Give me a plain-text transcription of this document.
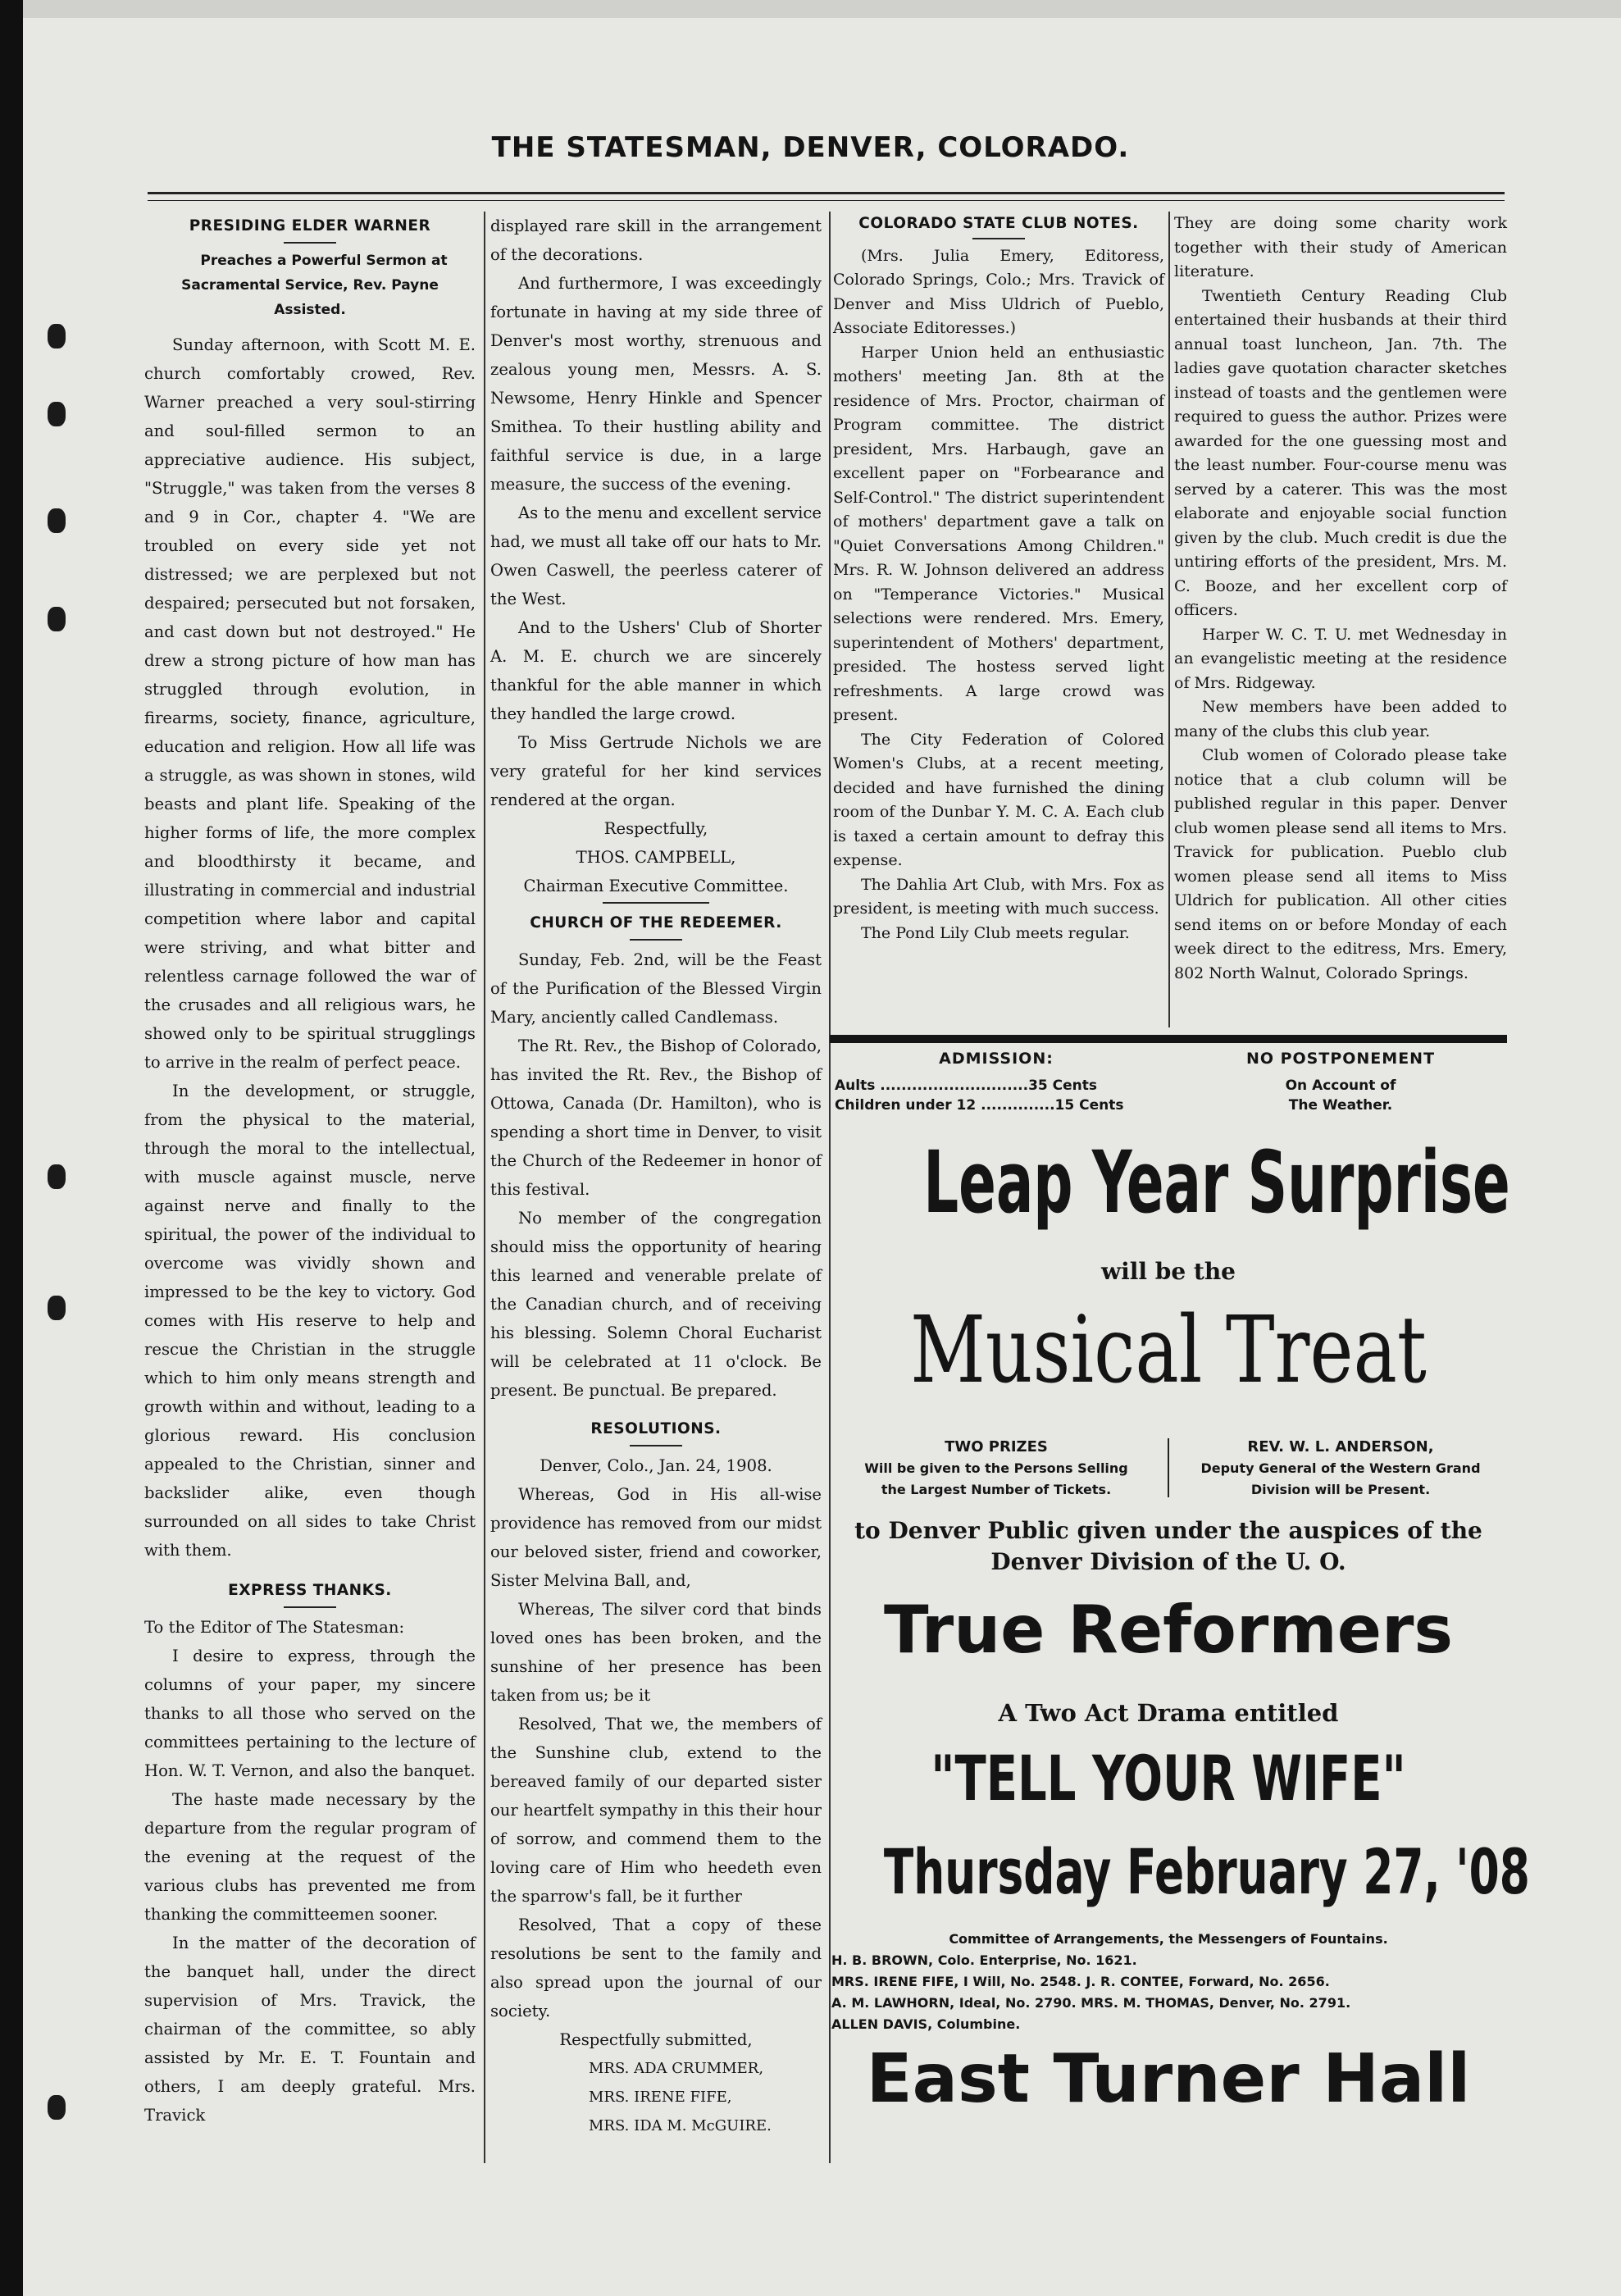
THE STATESMAN, DENVER, COLORADO.

PRESIDING ELDER WARNER

Preaches a Powerful Sermon at Sacramental Service, Rev. Payne Assisted.

Sunday afternoon, with Scott M. E. church comfortably crowed, Rev. Warner preached a very soul-stirring and soul-filled sermon to an appreciative audience. His subject, "Struggle," was taken from the verses 8 and 9 in Cor., chapter 4. "We are troubled on every side yet not distressed; we are perplexed but not despaired; persecuted but not forsaken, and cast down but not destroyed." He drew a strong picture of how man has struggled through evolution, in firearms, society, finance, agriculture, education and religion. How all life was a struggle, as was shown in stones, wild beasts and plant life. Speaking of the higher forms of life, the more complex and bloodthirsty it became, and illustrating in commercial and industrial competition where labor and capital were striving, and what bitter and relentless carnage followed the war of the crusades and all religious wars, he showed only to be spiritual strugglings to arrive in the realm of perfect peace.

In the development, or struggle, from the physical to the material, through the moral to the intellectual, with muscle against muscle, nerve against nerve and finally to the spiritual, the power of the individual to overcome was vividly shown and impressed to be the key to victory. God comes with His reserve to help and rescue the Christian in the struggle which to him only means strength and growth within and without, leading to a glorious reward. His conclusion appealed to the Christian, sinner and backslider alike, even though surrounded on all sides to take Christ with them.

EXPRESS THANKS.

To the Editor of The Statesman:

I desire to express, through the columns of your paper, my sincere thanks to all those who served on the committees pertaining to the lecture of Hon. W. T. Vernon, and also the banquet.

The haste made necessary by the departure from the regular program of the evening at the request of the various clubs has prevented me from thanking the committeemen sooner.

In the matter of the decoration of the banquet hall, under the direct supervision of Mrs. Travick, the chairman of the committee, so ably assisted by Mr. E. T. Fountain and others, I am deeply grateful. Mrs. Travick

displayed rare skill in the arrangement of the decorations.

And furthermore, I was exceedingly fortunate in having at my side three of Denver's most worthy, strenuous and zealous young men, Messrs. A. S. Newsome, Henry Hinkle and Spencer Smithea. To their hustling ability and faithful service is due, in a large measure, the success of the evening.

As to the menu and excellent service had, we must all take off our hats to Mr. Owen Caswell, the peerless caterer of the West.

And to the Ushers' Club of Shorter A. M. E. church we are sincerely thankful for the able manner in which they handled the large crowd.

To Miss Gertrude Nichols we are very grateful for her kind services rendered at the organ.

Respectfully,

THOS. CAMPBELL,

Chairman Executive Committee.

CHURCH OF THE REDEEMER.

Sunday, Feb. 2nd, will be the Feast of the Purification of the Blessed Virgin Mary, anciently called Candlemass.

The Rt. Rev., the Bishop of Colorado, has invited the Rt. Rev., the Bishop of Ottowa, Canada (Dr. Hamilton), who is spending a short time in Denver, to visit the Church of the Redeemer in honor of this festival.

No member of the congregation should miss the opportunity of hearing this learned and venerable prelate of the Canadian church, and of receiving his blessing. Solemn Choral Eucharist will be celebrated at 11 o'clock. Be present. Be punctual. Be prepared.

RESOLUTIONS.

Denver, Colo., Jan. 24, 1908.

Whereas, God in His all-wise providence has removed from our midst our beloved sister, friend and coworker, Sister Melvina Ball, and,

Whereas, The silver cord that binds loved ones has been broken, and the sunshine of her presence has been taken from us; be it

Resolved, That we, the members of the Sunshine club, extend to the bereaved family of our departed sister our heartfelt sympathy in this their hour of sorrow, and commend them to the loving care of Him who heedeth even the sparrow's fall, be it further

Resolved, That a copy of these resolutions be sent to the family and also spread upon the journal of our society.

Respectfully submitted,

MRS. ADA CRUMMER,

MRS. IRENE FIFE,

MRS. IDA M. McGUIRE.

COLORADO STATE CLUB NOTES.

(Mrs. Julia Emery, Editoress, Colorado Springs, Colo.; Mrs. Travick of Denver and Miss Uldrich of Pueblo, Associate Editoresses.)

Harper Union held an enthusiastic mothers' meeting Jan. 8th at the residence of Mrs. Proctor, chairman of Program committee. The district president, Mrs. Harbaugh, gave an excellent paper on "Forbearance and Self-Control." The district superintendent of mothers' department gave a talk on "Quiet Conversations Among Children." Mrs. R. W. Johnson delivered an address on "Temperance Victories." Musical selections were rendered. Mrs. Emery, superintendent of Mothers' department, presided. The hostess served light refreshments. A large crowd was present.

The City Federation of Colored Women's Clubs, at a recent meeting, decided and have furnished the dining room of the Dunbar Y. M. C. A. Each club is taxed a certain amount to defray this expense.

The Dahlia Art Club, with Mrs. Fox as president, is meeting with much success.

The Pond Lily Club meets regular.

They are doing some charity work together with their study of American literature.

Twentieth Century Reading Club entertained their husbands at their third annual toast luncheon, Jan. 7th. The ladies gave quotation character sketches instead of toasts and the gentlemen were required to guess the author. Prizes were awarded for the one guessing most and the least number. Four-course menu was served by a caterer. This was the most elaborate and enjoyable social function given by the club. Much credit is due the untiring efforts of the president, Mrs. M. C. Booze, and her excellent corp of officers.

Harper W. C. T. U. met Wednesday in an evangelistic meeting at the residence of Mrs. Ridgeway.

New members have been added to many of the clubs this club year.

Club women of Colorado please take notice that a club column will be published regular in this paper. Denver club women please send all items to Mrs. Travick for publication. Pueblo club women please send all items to Miss Uldrich for publication. All other cities send items on or before Monday of each week direct to the editress, Mrs. Emery, 802 North Walnut, Colorado Springs.

ADMISSION:
Aults ............................35 Cents
Children under 12 ..............15 Cents
NO POSTPONEMENT
On Account of
The Weather.
Leap Year Surprise
will be the
Musical Treat
TWO PRIZES
Will be given to the Persons Selling
the Largest Number of Tickets.
REV. W. L. ANDERSON,
Deputy General of the Western Grand
Division will be Present.
to Denver Public given under the auspices of the
Denver Division of the U. O.
True Reformers
A Two Act Drama entitled
"TELL YOUR WIFE"
Thursday February 27, '08
Committee of Arrangements, the Messengers of Fountains.
H. B. BROWN, Colo. Enterprise, No. 1621.
MRS. IRENE FIFE, I Will, No. 2548. J. R. CONTEE, Forward, No. 2656.
A. M. LAWHORN, Ideal, No. 2790. MRS. M. THOMAS, Denver, No. 2791.
ALLEN DAVIS, Columbine.
East Turner Hall
